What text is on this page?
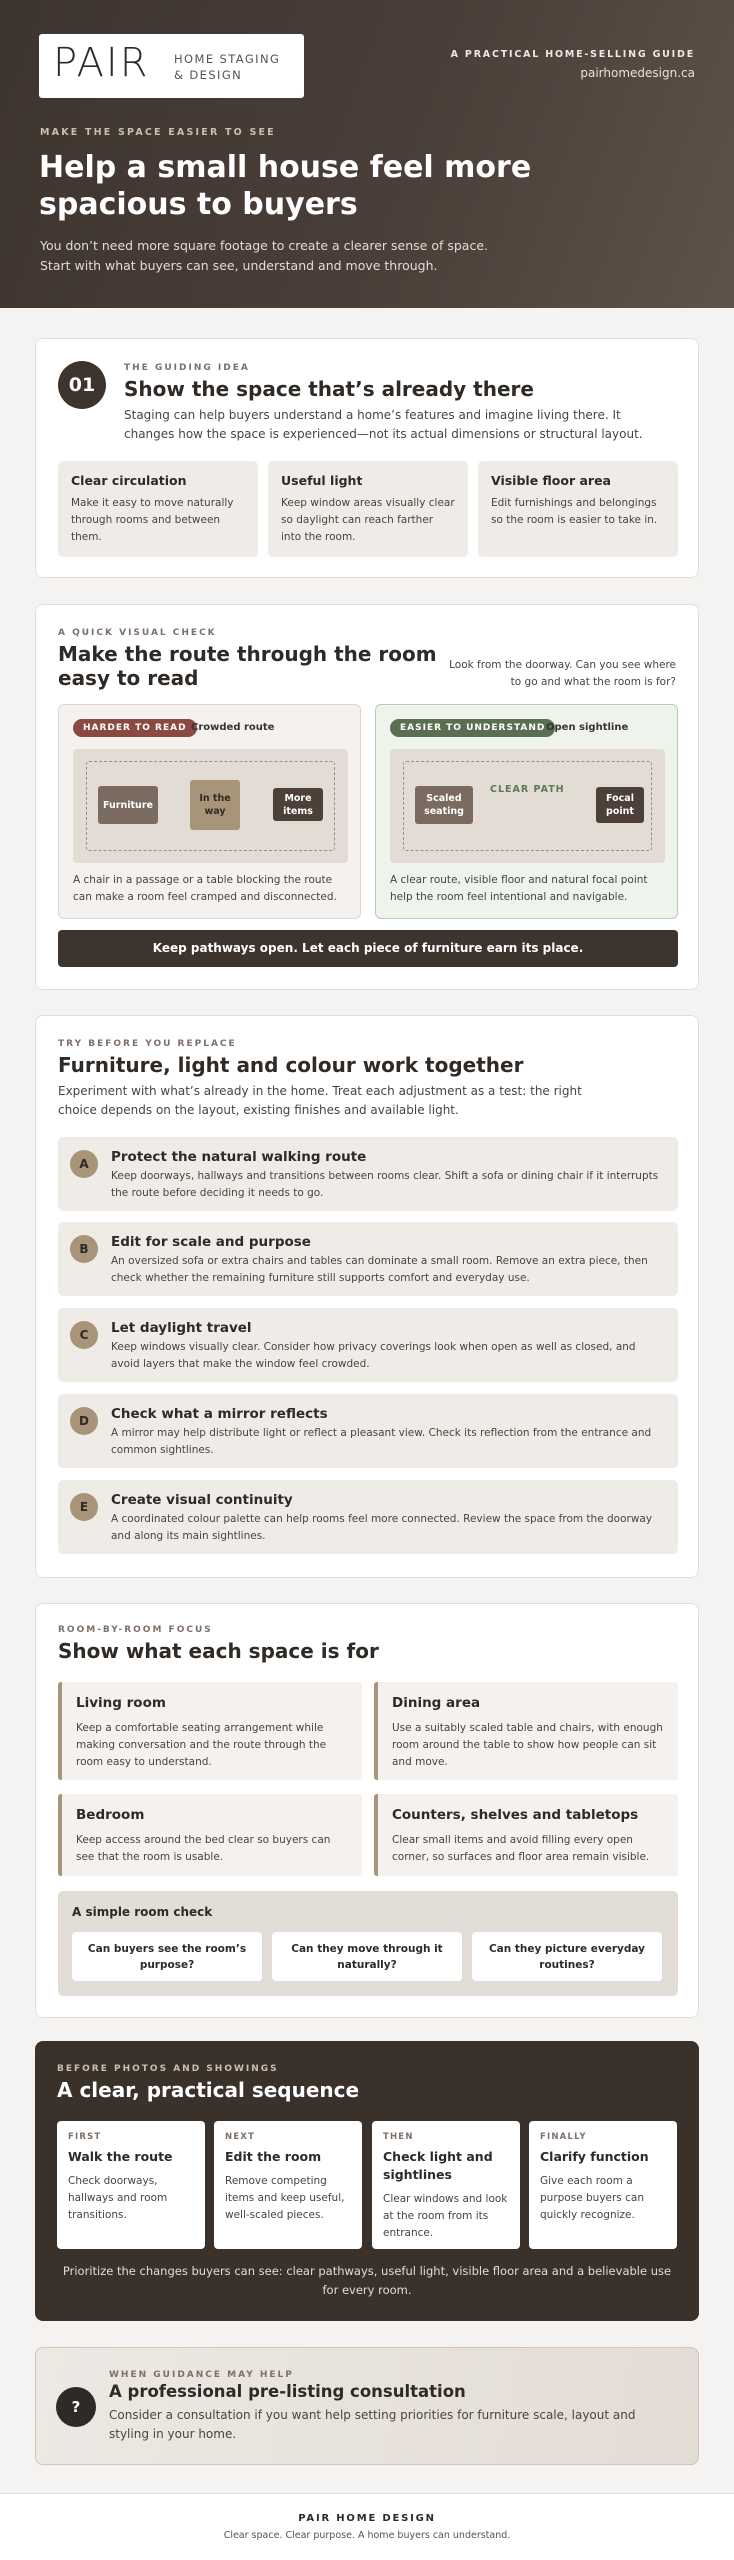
PAIR HOME STAGING
& DESIGN
A PRACTICAL HOME-SELLING GUIDE
pairhomedesign.ca
MAKE THE SPACE EASIER TO SEE
Help a small house feel more
spacious to buyers
You don’t need more square footage to create a clearer sense of space.
Start with what buyers can see, understand and move through.
01
THE GUIDING IDEA
Show the space that’s already there
Staging can help buyers understand a home’s features and imagine living there. It changes how the space is experienced—not its actual dimensions or structural layout.
Clear circulation
Make it easy to move naturally through rooms and between them.
Useful light
Keep window areas visually clear so daylight can reach farther into the room.
Visible floor area
Edit furnishings and belongings so the room is easier to take in.
A QUICK VISUAL CHECK
Make the route through the room
easy to read
Look from the doorway. Can you see where to go and what the room is for?
HARDER TO READ Crowded route
Furniture
In the way
More items
A chair in a passage or a table blocking the route can make a room feel cramped and disconnected.
EASIER TO UNDERSTAND Open sightline
Scaled seating
CLEAR PATH
Focal point
A clear route, visible floor and natural focal point help the room feel intentional and navigable.
Keep pathways open. Let each piece of furniture earn its place.
TRY BEFORE YOU REPLACE
Furniture, light and colour work together
Experiment with what’s already in the home. Treat each adjustment as a test: the right choice depends on the layout, existing finishes and available light.
A	Protect the natural walking route
Keep doorways, hallways and transitions between rooms clear. Shift a sofa or dining chair if it interrupts the route before deciding it needs to go.
B	Edit for scale and purpose
An oversized sofa or extra chairs and tables can dominate a small room. Remove an extra piece, then check whether the remaining furniture still supports comfort and everyday use.
C	Let daylight travel
Keep windows visually clear. Consider how privacy coverings look when open as well as closed, and avoid layers that make the window feel crowded.
D	Check what a mirror reflects
A mirror may help distribute light or reflect a pleasant view. Check its reflection from the entrance and common sightlines.
E	Create visual continuity
A coordinated colour palette can help rooms feel more connected. Review the space from the doorway and along its main sightlines.
ROOM-BY-ROOM FOCUS
Show what each space is for
Living room
Keep a comfortable seating arrangement while making conversation and the route through the room easy to understand.
Dining area
Use a suitably scaled table and chairs, with enough room around the table to show how people can sit and move.
Bedroom
Keep access around the bed clear so buyers can see that the room is usable.
Counters, shelves and tabletops
Clear small items and avoid filling every open corner, so surfaces and floor area remain visible.
A simple room check
Can buyers see the room’s purpose?
Can they move through it naturally?
Can they picture everyday routines?
BEFORE PHOTOS AND SHOWINGS
A clear, practical sequence
FIRST
Walk the route
Check doorways, hallways and room transitions.
NEXT
Edit the room
Remove competing items and keep useful, well-scaled pieces.
THEN
Check light and sightlines
Clear windows and look at the room from its entrance.
FINALLY
Clarify function
Give each room a purpose buyers can quickly recognize.
Prioritize the changes buyers can see: clear pathways, useful light, visible floor area and a believable use for every room.
?
WHEN GUIDANCE MAY HELP
A professional pre-listing consultation
Consider a consultation if you want help setting priorities for furniture scale, layout and styling in your home.
PAIR HOME DESIGN
Clear space. Clear purpose. A home buyers can understand.
